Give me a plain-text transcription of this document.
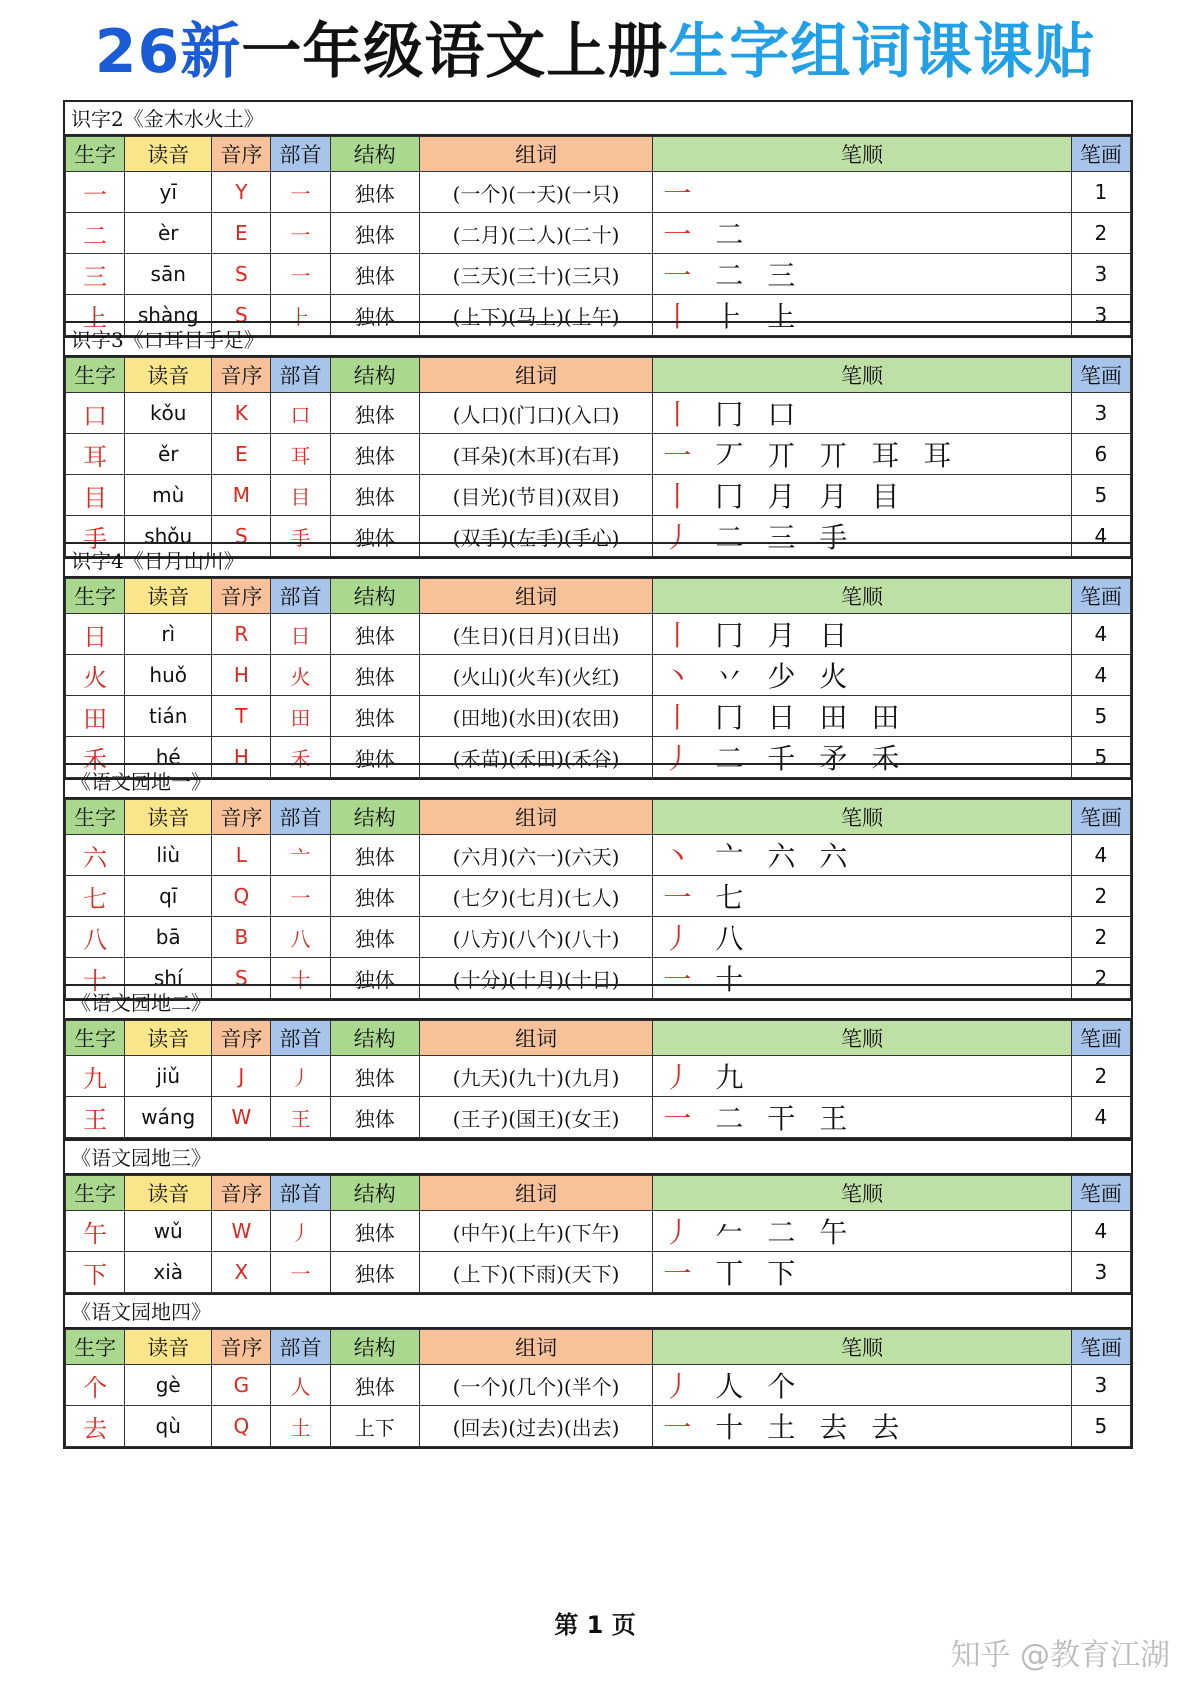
26新一年级语文上册生字组词课课贴
识字2《金木水火土》
生字	读音	音序	部首	结构	组词	笔顺	笔画
一	yī	Y	一	独体	(一个)(一天)(一只)	一	1
二	èr	E	一	独体	(二月)(二人)(二十)	一 二	2
三	sān	S	一	独体	(三天)(三十)(三只)	一 二 三	3
上	shàng	S	⺊	独体	(上下)(马上)(上午)	丨 ⺊ 上	3
识字3《口耳目手足》
生字	读音	音序	部首	结构	组词	笔顺	笔画
口	kǒu	K	口	独体	(人口)(门口)(入口)	丨 冂 口	3
耳	ěr	E	耳	独体	(耳朵)(木耳)(右耳)	一 丆 丌 丌 耳 耳	6
目	mù	M	目	独体	(目光)(节目)(双目)	丨 冂 月 月 目	5
手	shǒu	S	手	独体	(双手)(左手)(手心)	丿 二 三 手	4
识字4《日月山川》
生字	读音	音序	部首	结构	组词	笔顺	笔画
日	rì	R	日	独体	(生日)(日月)(日出)	丨 冂 月 日	4
火	huǒ	H	火	独体	(火山)(火车)(火红)	丶 丷 少 火	4
田	tián	T	田	独体	(田地)(水田)(农田)	丨 冂 日 田 田	5
禾	hé	H	禾	独体	(禾苗)(禾田)(禾谷)	丿 二 千 矛 禾	5
《语文园地一》
生字	读音	音序	部首	结构	组词	笔顺	笔画
六	liù	L	亠	独体	(六月)(六一)(六天)	丶 亠 六 六	4
七	qī	Q	一	独体	(七夕)(七月)(七人)	一 七	2
八	bā	B	八	独体	(八方)(八个)(八十)	丿 八	2
十	shí	S	十	独体	(十分)(十月)(十日)	一 十	2
《语文园地二》
生字	读音	音序	部首	结构	组词	笔顺	笔画
九	jiǔ	J	丿	独体	(九天)(九十)(九月)	丿 九	2
王	wáng	W	王	独体	(王子)(国王)(女王)	一 二 干 王	4
《语文园地三》
生字	读音	音序	部首	结构	组词	笔顺	笔画
午	wǔ	W	丿	独体	(中午)(上午)(下午)	丿 𠂉 二 午	4
下	xià	X	一	独体	(上下)(下雨)(天下)	一 丅 下	3
《语文园地四》
生字	读音	音序	部首	结构	组词	笔顺	笔画
个	gè	G	人	独体	(一个)(几个)(半个)	丿 人 个	3
去	qù	Q	土	上下	(回去)(过去)(出去)	一 十 土 去 去	5
第 1 页
知乎 @教育江湖
